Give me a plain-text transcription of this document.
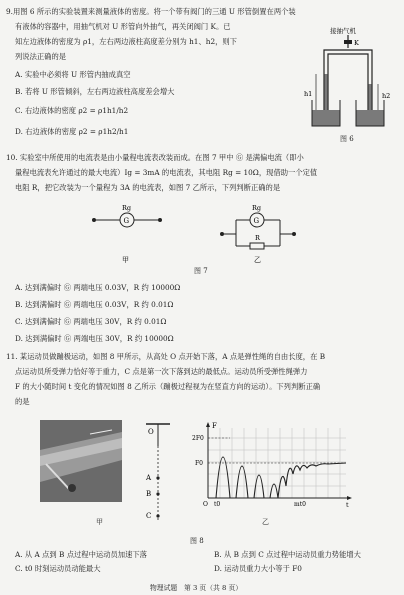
9.用图 6 所示的实验装置来测量液体的密度。将一个带有阀门的三通 U 形管倒置在两个装
有液体的容器中，用抽气机对 U 形管向外抽气，再关闭阀门 K。已
知左边液体的密度为 ρ1，左右两边液柱高度差分别为 h1、h2，则下
列说法正确的是
A. 实验中必须将 U 形管内抽成真空
B. 若将 U 形管倾斜，左右两边液柱高度差会增大
C. 右边液体的密度 ρ2 = ρ1h1/h2
D. 右边液体的密度 ρ2 = ρ1h2/h1
接抽气机
K
h1	h2
图 6
10. 实验室中所使用的电流表是由小量程电流表改装而成。在图 7 甲中 Ⓖ 是满偏电流（即小
量程电流表允许通过的最大电流）Ig = 3mA 的电流表，其电阻 Rg = 10Ω，现借助一个定值
电阻 R，把它改装为一个量程为 3A 的电流表，如图 7 乙所示，下列判断正确的是
G
Rg
甲
G
Rg
R
乙
图 7
A. 达到满偏时 Ⓖ 两端电压 0.03V，R 约 10000Ω
B. 达到满偏时 Ⓖ 两端电压 0.03V，R 约 0.01Ω
C. 达到满偏时 Ⓖ 两端电压 30V，R 约 0.01Ω
D. 达到满偏时 Ⓖ 两端电压 30V，R 约 10000Ω
11. 某运动员做蹦极运动，如图 8 甲所示，从高处 O 点开始下落，A 点是弹性绳的自由长度，在 B
点运动员所受弹力恰好等于重力，C 点是第一次下落到达的最低点。运动员所受弹性绳弹力
F 的大小随时间 t 变化的情况如图 8 乙所示（蹦极过程视为在竖直方向的运动）。下列判断正确
的是
O
A
B
C
F
2F0
F0
O t0	mt0	t
甲	乙
图 8
A. 从 A 点到 B 点过程中运动员加速下落	B. 从 B 点到 C 点过程中运动员重力势能增大
C. t0 时刻运动员动能最大	D. 运动员重力大小等于 F0
物理试题　第 3 页（共 8 页）
